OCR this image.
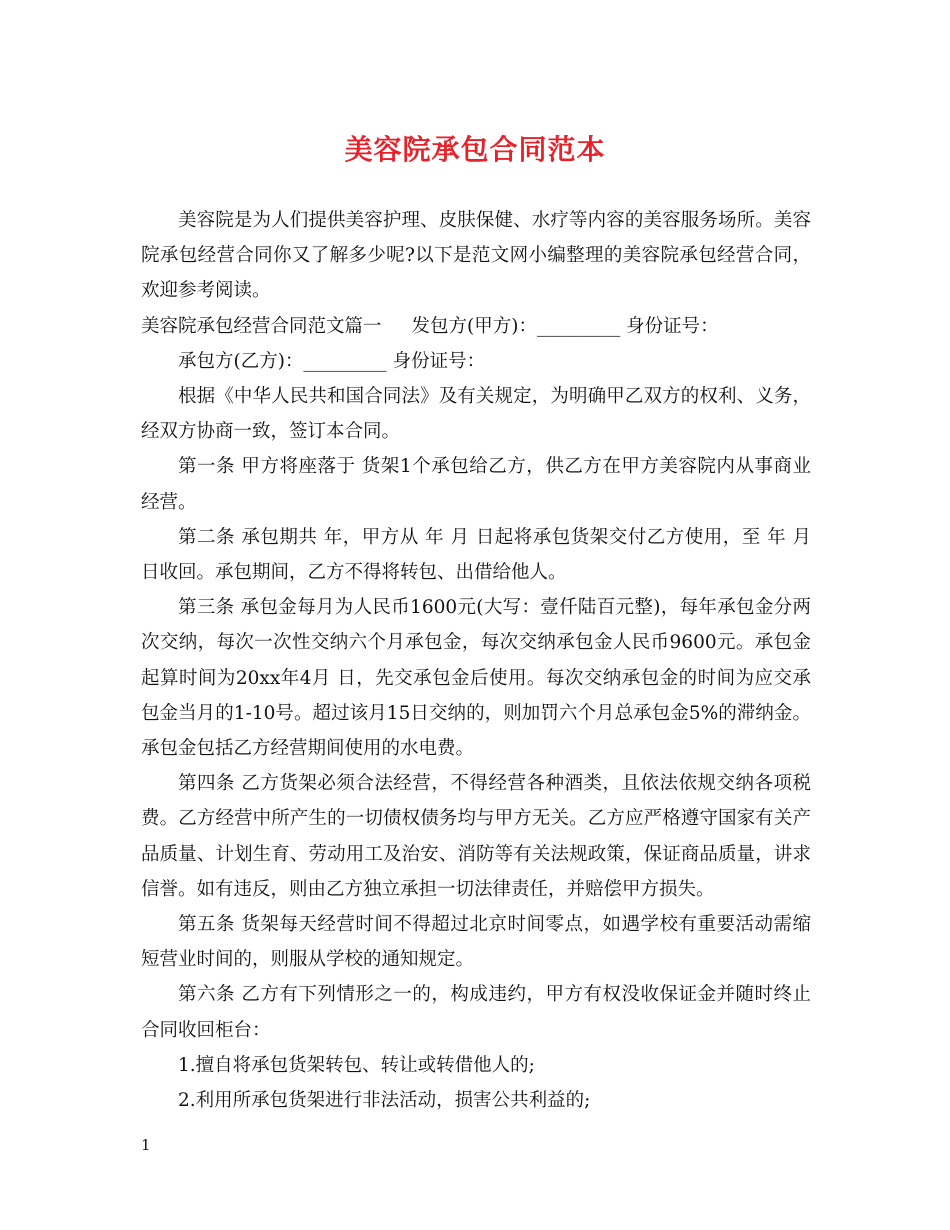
美容院承包合同范本

美容院是为人们提供美容护理、皮肤保健、水疗等内容的美容服务场所。美容院承包经营合同你又了解多少呢?以下是范文网小编整理的美容院承包经营合同，欢迎参考阅读。

美容院承包经营合同范文篇一 发包方(甲方)：_________ 身份证号：

承包方(乙方)：_________ 身份证号：

根据《中华人民共和国合同法》及有关规定，为明确甲乙双方的权利、义务，经双方协商一致，签订本合同。

第一条 甲方将座落于 货架1个承包给乙方，供乙方在甲方美容院内从事商业经营。

第二条 承包期共 年，甲方从 年 月 日起将承包货架交付乙方使用，至 年 月 日收回。承包期间，乙方不得将转包、出借给他人。

第三条 承包金每月为人民币1600元(大写：壹仟陆百元整)，每年承包金分两次交纳，每次一次性交纳六个月承包金，每次交纳承包金人民币9600元。承包金起算时间为20xx年4月 日，先交承包金后使用。每次交纳承包金的时间为应交承包金当月的1-10号。超过该月15日交纳的，则加罚六个月总承包金5%的滞纳金。承包金包括乙方经营期间使用的水电费。

第四条 乙方货架必须合法经营，不得经营各种酒类，且依法依规交纳各项税费。乙方经营中所产生的一切债权债务均与甲方无关。乙方应严格遵守国家有关产品质量、计划生育、劳动用工及治安、消防等有关法规政策，保证商品质量，讲求信誉。如有违反，则由乙方独立承担一切法律责任，并赔偿甲方损失。

第五条 货架每天经营时间不得超过北京时间零点，如遇学校有重要活动需缩短营业时间的，则服从学校的通知规定。

第六条 乙方有下列情形之一的，构成违约，甲方有权没收保证金并随时终止合同收回柜台：

1.擅自将承包货架转包、转让或转借他人的;

2.利用所承包货架进行非法活动，损害公共利益的;

1
